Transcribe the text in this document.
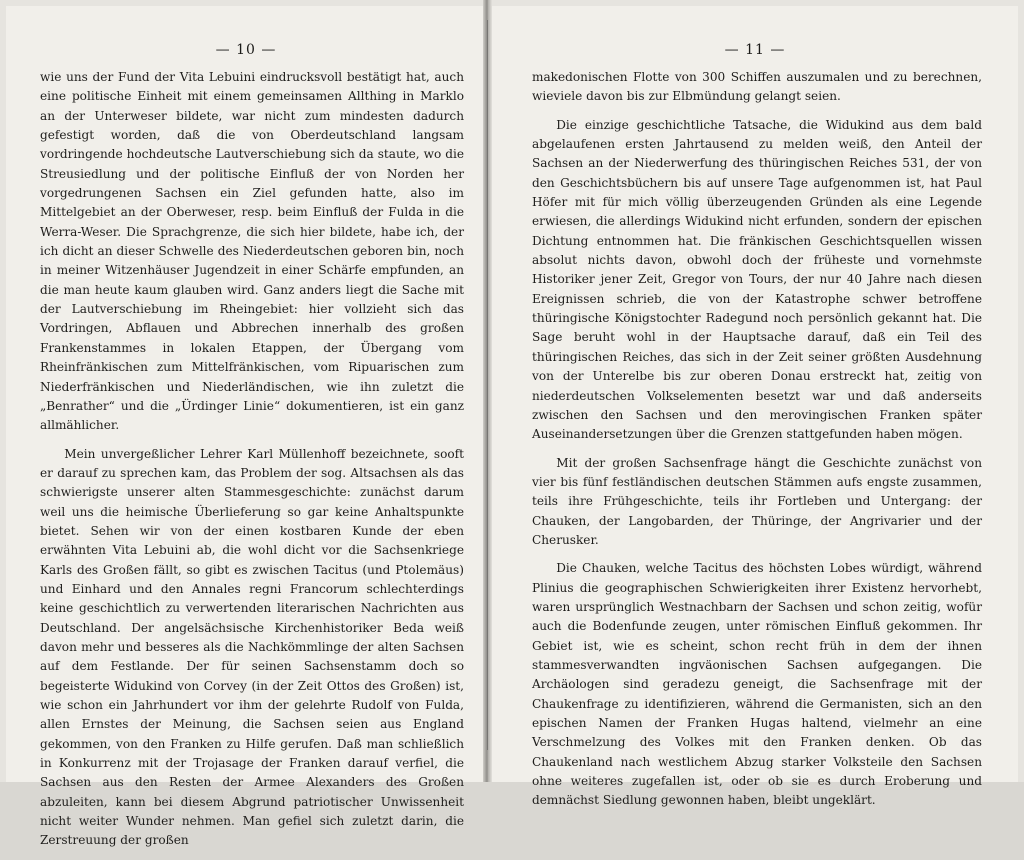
— 10 —

wie uns der Fund der Vita Lebuini eindrucksvoll bestätigt hat, auch eine politische Einheit mit einem gemeinsamen Allthing in Marklo an der Unterweser bildete, war nicht zum mindesten dadurch gefestigt worden, daß die von Oberdeutschland langsam vordringende hochdeutsche Lautverschiebung sich da staute, wo die Streusiedlung und der politische Einfluß der von Norden her vorgedrungenen Sachsen ein Ziel gefunden hatte, also im Mittelgebiet an der Oberweser, resp. beim Einfluß der Fulda in die Werra-Weser. Die Sprachgrenze, die sich hier bildete, habe ich, der ich dicht an dieser Schwelle des Niederdeutschen geboren bin, noch in meiner Witzenhäuser Jugendzeit in einer Schärfe empfunden, an die man heute kaum glauben wird. Ganz anders liegt die Sache mit der Lautverschiebung im Rheingebiet: hier vollzieht sich das Vordringen, Abflauen und Abbrechen innerhalb des großen Frankenstammes in lokalen Etappen, der Übergang vom Rheinfränkischen zum Mittelfränkischen, vom Ripuarischen zum Niederfränkischen und Niederländischen, wie ihn zuletzt die „Benrather“ und die „Ürdinger Linie“ dokumentieren, ist ein ganz allmählicher.

Mein unvergeßlicher Lehrer Karl Müllenhoff bezeichnete, sooft er darauf zu sprechen kam, das Problem der sog. Altsachsen als das schwierigste unserer alten Stammesgeschichte: zunächst darum weil uns die heimische Überlieferung so gar keine Anhaltspunkte bietet. Sehen wir von der einen kostbaren Kunde der eben erwähnten Vita Lebuini ab, die wohl dicht vor die Sachsenkriege Karls des Großen fällt, so gibt es zwischen Tacitus (und Ptolemäus) und Einhard und den Annales regni Francorum schlechterdings keine geschichtlich zu verwertenden literarischen Nachrichten aus Deutschland. Der angelsächsische Kirchenhistoriker Beda weiß davon mehr und besseres als die Nachkömmlinge der alten Sachsen auf dem Festlande. Der für seinen Sachsenstamm doch so begeisterte Widukind von Corvey (in der Zeit Ottos des Großen) ist, wie schon ein Jahrhundert vor ihm der gelehrte Rudolf von Fulda, allen Ernstes der Meinung, die Sachsen seien aus England gekommen, von den Franken zu Hilfe gerufen. Daß man schließlich in Konkurrenz mit der Trojasage der Franken darauf verfiel, die Sachsen aus den Resten der Armee Alexanders des Großen abzuleiten, kann bei diesem Abgrund patriotischer Unwissenheit nicht weiter Wunder nehmen. Man gefiel sich zuletzt darin, die Zerstreuung der großen

— 11 —

makedonischen Flotte von 300 Schiffen auszumalen und zu berechnen, wieviele davon bis zur Elbmündung gelangt seien.

Die einzige geschichtliche Tatsache, die Widukind aus dem bald abgelaufenen ersten Jahrtausend zu melden weiß, den Anteil der Sachsen an der Niederwerfung des thüringischen Reiches 531, der von den Geschichtsbüchern bis auf unsere Tage aufgenommen ist, hat Paul Höfer mit für mich völlig überzeugenden Gründen als eine Legende erwiesen, die allerdings Widukind nicht erfunden, sondern der epischen Dichtung entnommen hat. Die fränkischen Geschichtsquellen wissen absolut nichts davon, obwohl doch der früheste und vornehmste Historiker jener Zeit, Gregor von Tours, der nur 40 Jahre nach diesen Ereignissen schrieb, die von der Katastrophe schwer betroffene thüringische Königstochter Radegund noch persönlich gekannt hat. Die Sage beruht wohl in der Hauptsache darauf, daß ein Teil des thüringischen Reiches, das sich in der Zeit seiner größten Ausdehnung von der Unterelbe bis zur oberen Donau erstreckt hat, zeitig von niederdeutschen Volkselementen besetzt war und daß anderseits zwischen den Sachsen und den merovingischen Franken später Auseinandersetzungen über die Grenzen stattgefunden haben mögen.

Mit der großen Sachsenfrage hängt die Geschichte zunächst von vier bis fünf festländischen deutschen Stämmen aufs engste zusammen, teils ihre Frühgeschichte, teils ihr Fortleben und Untergang: der Chauken, der Langobarden, der Thüringe, der Angrivarier und der Cherusker.

Die Chauken, welche Tacitus des höchsten Lobes würdigt, während Plinius die geographischen Schwierigkeiten ihrer Existenz hervorhebt, waren ursprünglich Westnachbarn der Sachsen und schon zeitig, wofür auch die Bodenfunde zeugen, unter römischen Einfluß gekommen. Ihr Gebiet ist, wie es scheint, schon recht früh in dem der ihnen stammesverwandten ingväonischen Sachsen aufgegangen. Die Archäologen sind geradezu geneigt, die Sachsenfrage mit der Chaukenfrage zu identifizieren, während die Germanisten, sich an den epischen Namen der Franken Hugas haltend, vielmehr an eine Verschmelzung des Volkes mit den Franken denken. Ob das Chaukenland nach westlichem Abzug starker Volksteile den Sachsen ohne weiteres zugefallen ist, oder ob sie es durch Eroberung und demnächst Siedlung gewonnen haben, bleibt ungeklärt.
